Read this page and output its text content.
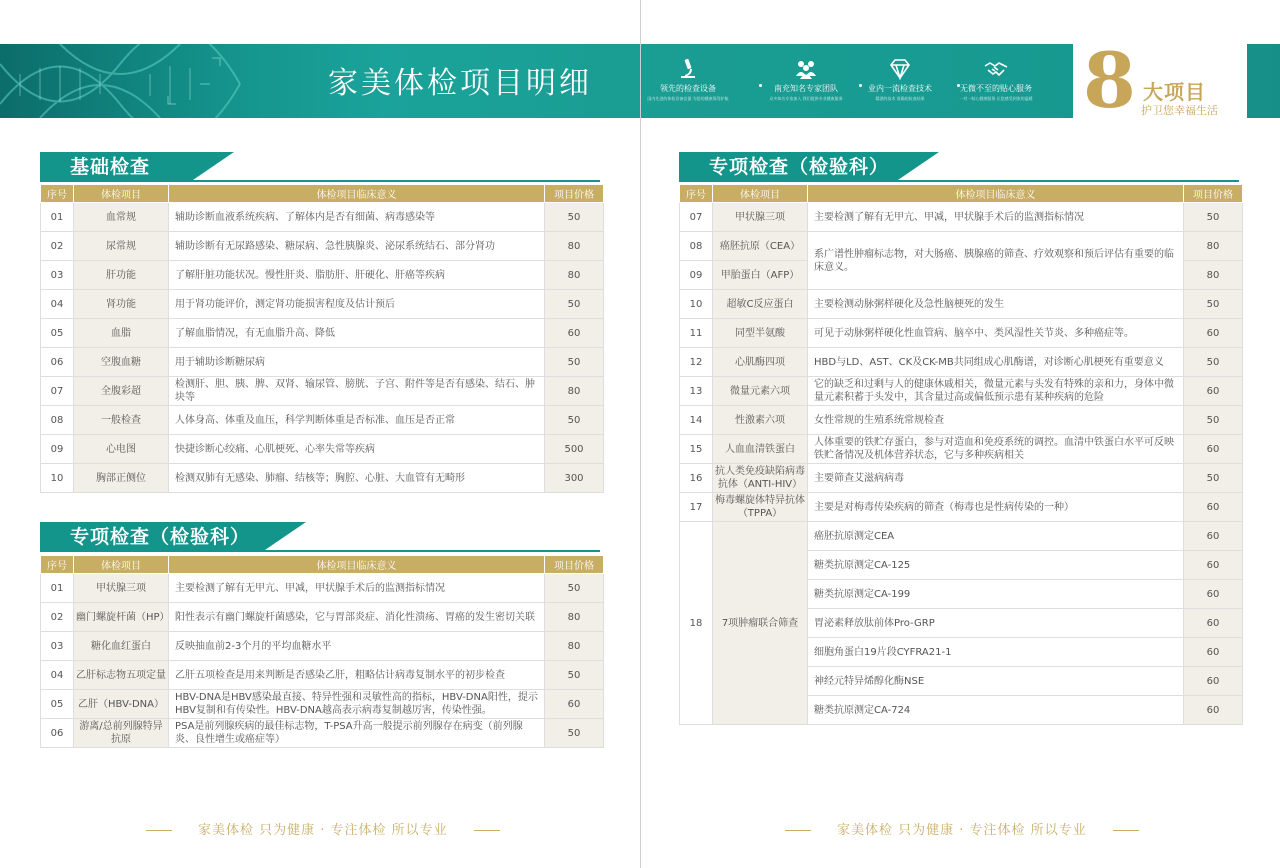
家美体检项目明细
基础检查
序号	体检项目	体检项目临床意义	项目价格
01	血常规	辅助诊断血液系统疾病、了解体内是否有细菌、病毒感染等	50
02	尿常规	辅助诊断有无尿路感染、糖尿病、急性胰腺炎、泌尿系统结石、部分肾功	80
03	肝功能	了解肝脏功能状况。慢性肝炎、脂肪肝、肝硬化、肝癌等疾病	80
04	肾功能	用于肾功能评价，测定肾功能损害程度及估计预后	50
05	血脂	了解血脂情况，有无血脂升高、降低	60
06	空腹血糖	用于辅助诊断糖尿病	50
07	全腹彩超	检测肝、胆、胰、脾、双肾、输尿管、膀胱、子宫、附件等是否有感染、结石、肿块等	80
08	一般检查	人体身高、体重及血压，科学判断体重是否标准、血压是否正常	50
09	心电图	快捷诊断心绞痛、心肌梗死、心率失常等疾病	500
10	胸部正侧位	检测双肺有无感染、肺瘤、结核等；胸腔、心脏、大血管有无畸形	300
专项检查（检验科）
序号	体检项目	体检项目临床意义	项目价格
01	甲状腺三项	主要检测了解有无甲亢、甲减，甲状腺手术后的监测指标情况	50
02	幽门螺旋杆菌（HP）	阳性表示有幽门螺旋杆菌感染，它与胃部炎症、消化性溃疡、胃癌的发生密切关联	80
03	糖化血红蛋白	反映抽血前2-3个月的平均血糖水平	80
04	乙肝标志物五项定量	乙肝五项检查是用来判断是否感染乙肝，粗略估计病毒复制水平的初步检查	50
05	乙肝（HBV-DNA）	HBV-DNA是HBV感染最直接、特异性强和灵敏性高的指标，HBV-DNA阳性，提示HBV复制和有传染性。HBV-DNA越高表示病毒复制越厉害，传染性强。	60
06	游离/总前列腺特异抗原	PSA是前列腺疾病的最佳标志物，T-PSA升高一般提示前列腺存在病变（前列腺炎、良性增生或癌症等）	50
家美体检 只为健康 · 专注体检 所以专业
领先的检查设备
国内先进的体检设备仪器 为您的健康保驾护航
南充知名专家团队
众多知名专家加入 我们提供专业健康服务
业内一流检查技术
精湛的技术 准确的检查结果
无微不至的贴心服务
一对一贴心健康服务 让您感受到家的温暖 8 大项目
护卫您幸福生活
专项检查（检验科）
序号	体检项目	体检项目临床意义	项目价格
07	甲状腺三项	主要检测了解有无甲亢、甲减，甲状腺手术后的监测指标情况	50
08	癌胚抗原（CEA）	系广谱性肿瘤标志物，对大肠癌、胰腺癌的筛查、疗效观察和预后评估有重要的临床意义。	80
09	甲胎蛋白（AFP）		80
10	超敏C反应蛋白	主要检测动脉粥样硬化及急性脑梗死的发生	50
11	同型半氨酸	可见于动脉粥样硬化性血管病、脑卒中、类风湿性关节炎、多种癌症等。	60
12	心肌酶四项	HBD与LD、AST、CK及CK-MB共同组成心肌酶谱，对诊断心肌梗死有重要意义	50
13	微量元素六项	它的缺乏和过剩与人的健康休戚相关，微量元素与头发有特殊的亲和力，身体中微量元素积蓄于头发中，其含量过高或偏低预示患有某种疾病的危险	60
14	性激素六项	女性常规的生殖系统常规检查	50
15	人血血清铁蛋白	人体重要的铁贮存蛋白，参与对造血和免疫系统的调控。血清中铁蛋白水平可反映铁贮备情况及机体营养状态，它与多种疾病相关	60
16	抗人类免疫缺陷病毒抗体（ANTI-HIV）	主要筛查艾滋病病毒	50
17	梅毒螺旋体特异抗体（TPPA）	主要是对梅毒传染疾病的筛查（梅毒也是性病传染的一种）	60
18	7项肿瘤联合筛查	癌胚抗原测定CEA	60
		糖类抗原测定CA-125	60
		糖类抗原测定CA-199	60
		胃泌素释放肽前体Pro-GRP	60
		细胞角蛋白19片段CYFRA21-1	60
		神经元特异烯醇化酶NSE	60
		糖类抗原测定CA-724	60
家美体检 只为健康 · 专注体检 所以专业
